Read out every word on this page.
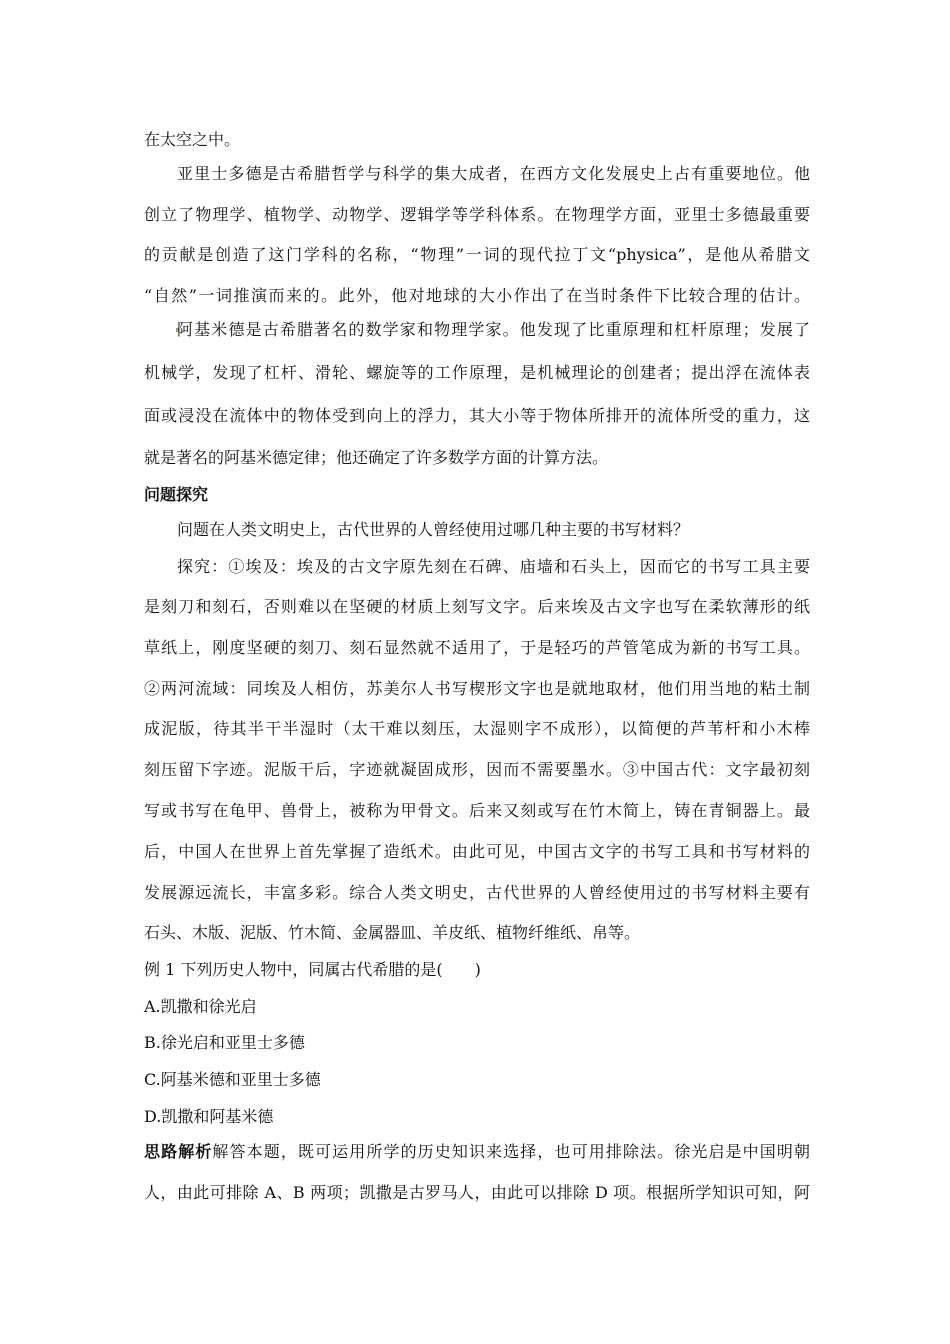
在太空之中。
亚里士多德是古希腊哲学与科学的集大成者，在西方文化发展史上占有重要地位。他
创立了物理学、植物学、动物学、逻辑学等学科体系。在物理学方面，亚里士多德最重要
的贡献是创造了这门学科的名称，“物理”一词的现代拉丁文“physica”，是他从希腊文
“自然”一词推演而来的。此外，他对地球的大小作出了在当时条件下比较合理的估计。
阿基米德是古希腊著名的数学家和物理学家。他发现了比重原理和杠杆原理；发展了
机械学，发现了杠杆、滑轮、螺旋等的工作原理，是机械理论的创建者；提出浮在流体表
面或浸没在流体中的物体受到向上的浮力，其大小等于物体所排开的流体所受的重力，这
就是著名的阿基米德定律；他还确定了许多数学方面的计算方法。
问题探究
问题在人类文明史上，古代世界的人曾经使用过哪几种主要的书写材料？
探究：①埃及：埃及的古文字原先刻在石碑、庙墙和石头上，因而它的书写工具主要
是刻刀和刻石，否则难以在坚硬的材质上刻写文字。后来埃及古文字也写在柔软薄形的纸
草纸上，刚度坚硬的刻刀、刻石显然就不适用了，于是轻巧的芦管笔成为新的书写工具。
②两河流域：同埃及人相仿，苏美尔人书写楔形文字也是就地取材，他们用当地的粘土制
成泥版，待其半干半湿时（太干难以刻压，太湿则字不成形），以简便的芦苇杆和小木棒
刻压留下字迹。泥版干后，字迹就凝固成形，因而不需要墨水。③中国古代：文字最初刻
写或书写在龟甲、兽骨上，被称为甲骨文。后来又刻或写在竹木简上，铸在青铜器上。最
后，中国人在世界上首先掌握了造纸术。由此可见，中国古文字的书写工具和书写材料的
发展源远流长，丰富多彩。综合人类文明史，古代世界的人曾经使用过的书写材料主要有
石头、木版、泥版、竹木简、金属器皿、羊皮纸、植物纤维纸、帛等。
例 1 下列历史人物中，同属古代希腊的是(　　)
A.凯撒和徐光启
B.徐光启和亚里士多德
C.阿基米德和亚里士多德
D.凯撒和阿基米德
思路解析解答本题，既可运用所学的历史知识来选择，也可用排除法。徐光启是中国明朝
人，由此可排除 A、B 两项；凯撒是古罗马人，由此可以排除 D 项。根据所学知识可知，阿
